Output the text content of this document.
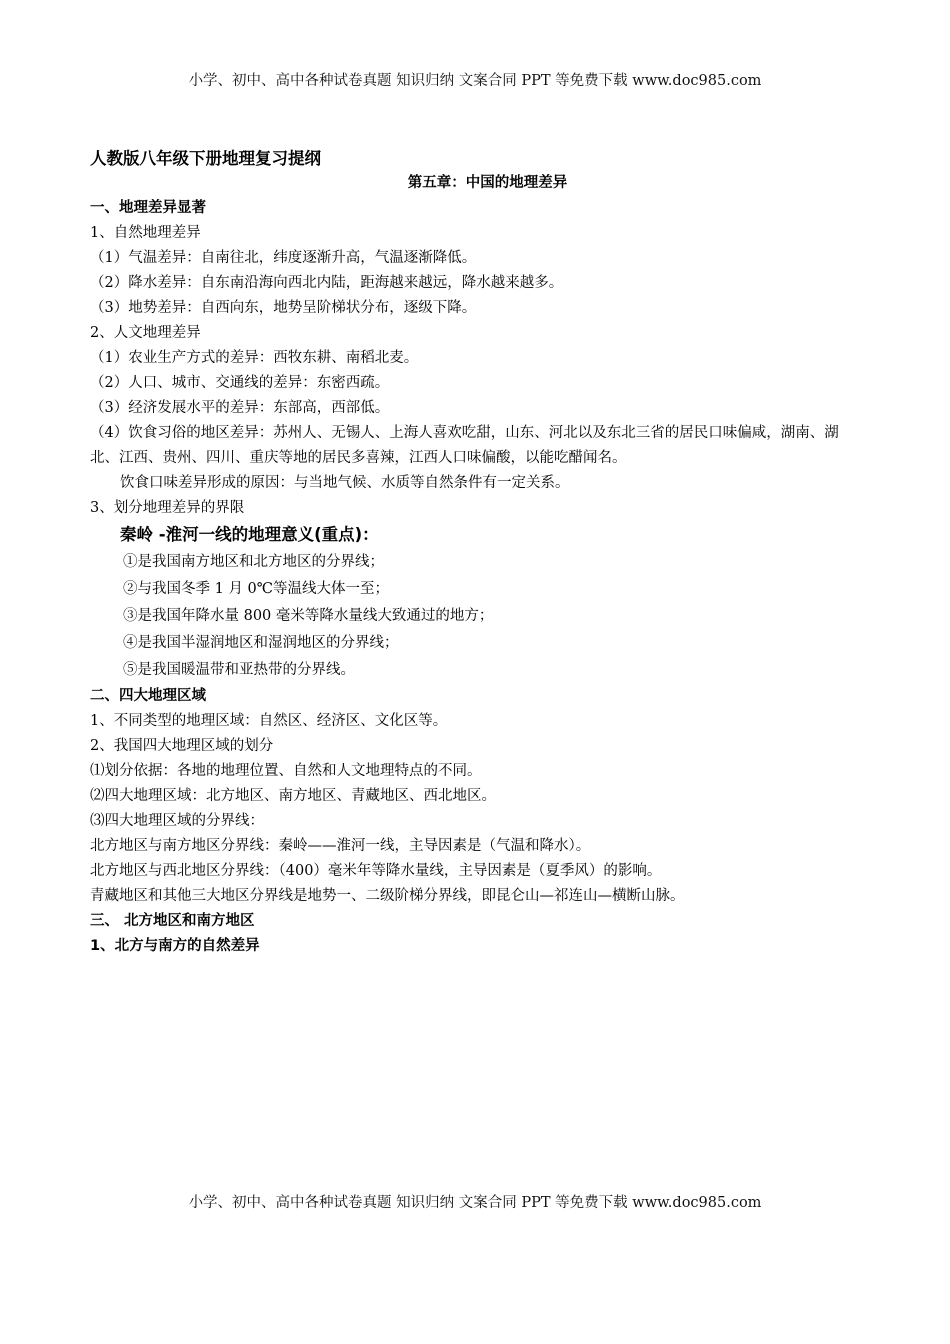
小学、初中、高中各种试卷真题 知识归纳 文案合同 PPT 等免费下载 www.doc985.com
人教版八年级下册地理复习提纲
第五章：中国的地理差异
一、地理差异显著
1、自然地理差异
（1）气温差异：自南往北，纬度逐渐升高，气温逐渐降低。
（2）降水差异：自东南沿海向西北内陆，距海越来越远，降水越来越多。
（3）地势差异：自西向东，地势呈阶梯状分布，逐级下降。
2、人文地理差异
（1）农业生产方式的差异：西牧东耕、南稻北麦。
（2）人口、城市、交通线的差异：东密西疏。
（3）经济发展水平的差异：东部高，西部低。
（4）饮食习俗的地区差异：苏州人、无锡人、上海人喜欢吃甜，山东、河北以及东北三省的居民口味偏咸，湖南、湖北、江西、贵州、四川、重庆等地的居民多喜辣，江西人口味偏酸，以能吃醋闻名。
饮食口味差异形成的原因：与当地气候、水质等自然条件有一定关系。
3、划分地理差异的界限
秦岭 -淮河一线的地理意义(重点)：
①是我国南方地区和北方地区的分界线；
②与我国冬季 1 月 0℃等温线大体一至；
③是我国年降水量 800 毫米等降水量线大致通过的地方；
④是我国半湿润地区和湿润地区的分界线；
⑤是我国暖温带和亚热带的分界线。
二、四大地理区域
1、不同类型的地理区域：自然区、经济区、文化区等。
2、我国四大地理区域的划分
⑴划分依据：各地的地理位置、自然和人文地理特点的不同。
⑵四大地理区域：北方地区、南方地区、青藏地区、西北地区。
⑶四大地理区域的分界线：
北方地区与南方地区分界线：秦岭——淮河一线，主导因素是（气温和降水）。
北方地区与西北地区分界线：（400）毫米年等降水量线，主导因素是（夏季风）的影响。
青藏地区和其他三大地区分界线是地势一、二级阶梯分界线，即昆仑山—祁连山—横断山脉。
三、 北方地区和南方地区
1、北方与南方的自然差异
小学、初中、高中各种试卷真题 知识归纳 文案合同 PPT 等免费下载 www.doc985.com
